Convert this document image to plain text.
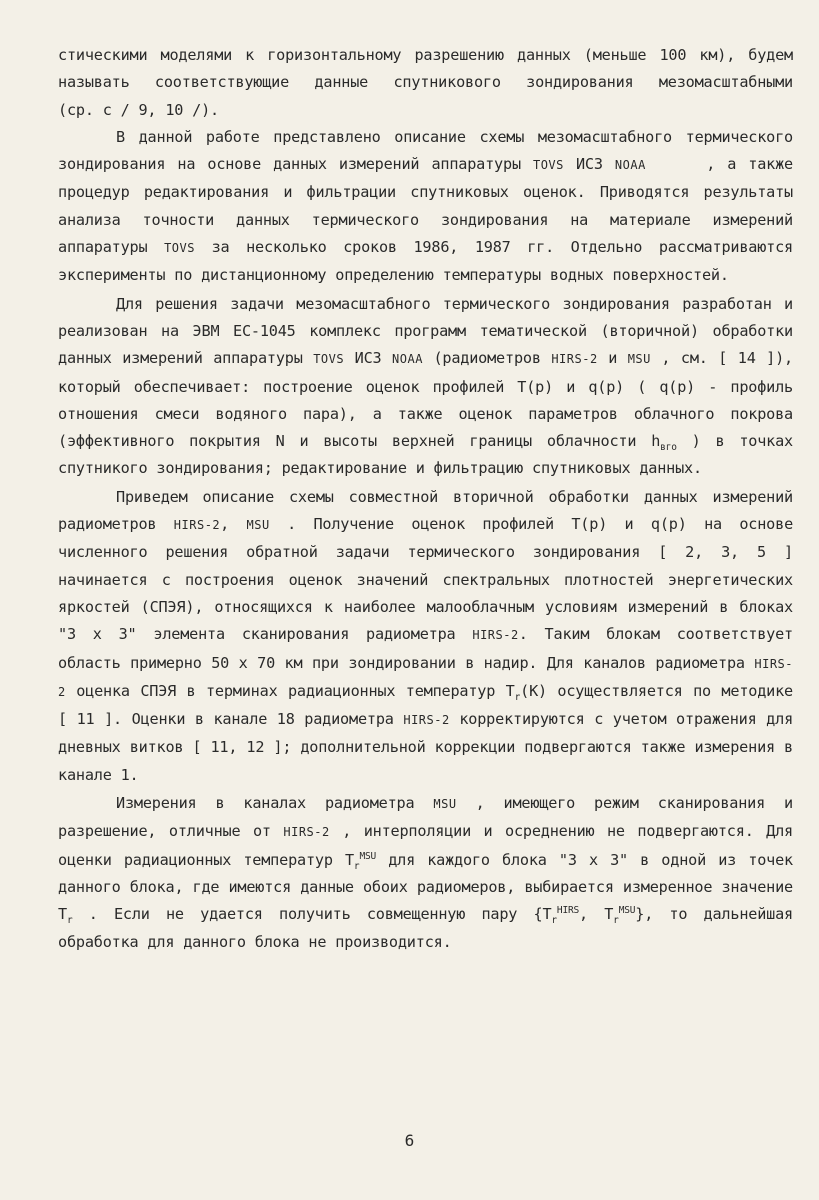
стическими моделями к горизонтальному разрешению данных (меньше 100 км), будем называть соответствующие данные спутникового зондирования мезомасштабными (ср. с / 9, 10 /).

В данной работе представлено описание схемы мезомасштабного термического зондирования на основе данных измерений аппаратуры TOVS ИСЗ NOAA     , а также процедур редактирования и фильтрации спутниковых оценок. Приводятся результаты анализа точности данных термического зондирования на материале измерений аппаратуры TOVS за несколько сроков 1986, 1987 гг. Отдельно рассматриваются эксперименты по дистанционному определению температуры водных поверхностей.

Для решения задачи мезомасштабного термического зондирования разработан и реализован на ЭВМ ЕС-1045 комплекс программ тематической (вторичной) обработки данных измерений аппаратуры TOVS ИСЗ NOAA (радиометров HIRS-2 и MSU , см. [ 14 ]), который обеспечивает: построение оценок профилей T(p) и q(p) ( q(p) - профиль отношения смеси водяного пара), а также оценок параметров облачного покрова (эффективного покрытия N и высоты верхней границы облачности $h_{вго}$ ) в точках спутникого зондирования; редактирование и фильтрацию спутниковых данных.

Приведем описание схемы совместной вторичной обработки данных измерений радиометров HIRS-2, MSU . Получение оценок профилей T(p) и q(p) на основе численного решения обратной задачи термического зондирования [ 2, 3, 5 ] начинается с построения оценок значений спектральных плотностей энергетических яркостей (СПЭЯ), относящихся к наиболее малооблачным условиям измерений в блоках "3 х 3" элемента сканирования радиометра HIRS-2. Таким блокам соответствует область примерно 50 х 70 км при зондировании в надир. Для каналов радиометра HIRS-2 оценка СПЭЯ в терминах радиационных температур $T_r(K)$ осуществляется по методике [ 11 ]. Оценки в канале 18 радиометра HIRS-2 корректируются с учетом отражения для дневных витков [ 11, 12 ]; дополнительной коррекции подвергаются также измерения в канале 1.

Измерения в каналах радиометра MSU , имеющего режим сканирования и разрешение, отличные от HIRS-2 , интерполяции и осреднению не подвергаются. Для оценки радиационных температур $T_r^{MSU}$ для каждого блока "3 х 3" в одной из точек данного блока, где имеются данные обоих радиомеров, выбирается измеренное значение $T_r$ . Если не удается получить совмещенную пару {$T_r^{HIRS}$, $T_r^{MSU}$}, то дальнейшая обработка для данного блока не производится.

6
